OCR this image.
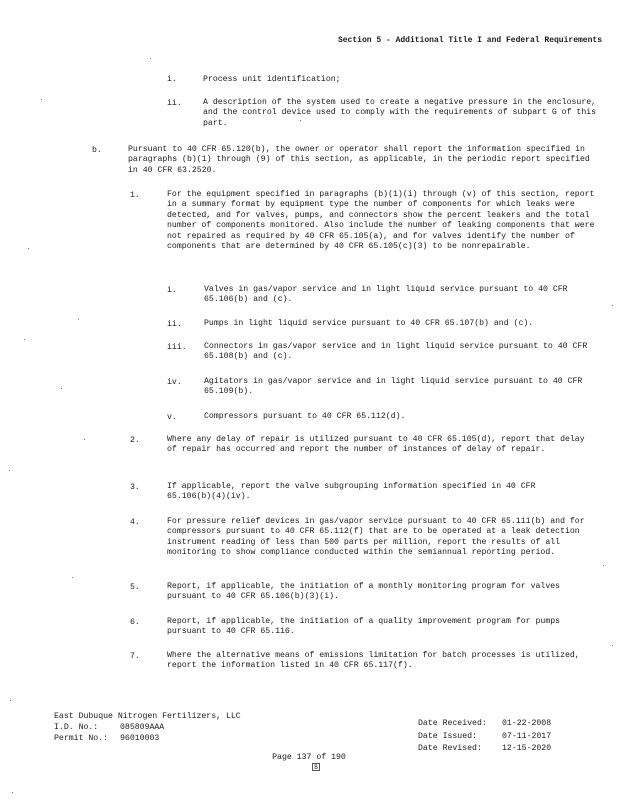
Section 5 - Additional Title I and Federal Requirements
i.	Process unit identification;
ii.	A description of the system used to create a negative pressure in the enclosure, and the control device used to comply with the requirements of subpart G of this part.
b.	Pursuant to 40 CFR 65.120(b), the owner or operator shall report the information specified in paragraphs (b)(1) through (9) of this section, as applicable, in the periodic report specified in 40 CFR 63.2520.
1.	For the equipment specified in paragraphs (b)(1)(i) through (v) of this section, report in a summary format by equipment type the number of components for which leaks were detected, and for valves, pumps, and connectors show the percent leakers and the total number of components monitored. Also include the number of leaking components that were not repaired as required by 40 CFR 65.105(a), and for valves identify the number of components that are determined by 40 CFR 65.105(c)(3) to be nonrepairable.
i.	Valves in gas/vapor service and in light liquid service pursuant to 40 CFR 65.106(b) and (c).
ii.	Pumps in light liquid service pursuant to 40 CFR 65.107(b) and (c).
iii. Connectors in gas/vapor service and in light liquid service pursuant to 40 CFR 65.108(b) and (c).
iv.	Agitators in gas/vapor service and in light liquid service pursuant to 40 CFR 65.109(b).
v.	Compressors pursuant to 40 CFR 65.112(d).
2.	Where any delay of repair is utilized pursuant to 40 CFR 65.105(d), report that delay of repair has occurred and report the number of instances of delay of repair.
3.	If applicable, report the valve subgrouping information specified in 40 CFR 65.106(b)(4)(iv).
4.	For pressure relief devices in gas/vapor service pursuant to 40 CFR 65.111(b) and for compressors pursuant to 40 CFR 65.112(f) that are to be operated at a leak detection instrument reading of less than 500 parts per million, report the results of all monitoring to show compliance conducted within the semiannual reporting period.
5.	Report, if applicable, the initiation of a monthly monitoring program for valves pursuant to 40 CFR 65.106(b)(3)(i).
6.	Report, if applicable, the initiation of a quality improvement program for pumps pursuant to 40 CFR 65.116.
7.	Where the alternative means of emissions limitation for batch processes is utilized, report the information listed in 40 CFR 65.117(f).
East Dubuque Nitrogen Fertilizers, LLC
I.D. No.:	085809AAA
Permit No.: 96010003
Date Received: 01-22-2008
Date Issued:	07-11-2017
Date Revised: 12-15-2020
Page 137 of 190
B
